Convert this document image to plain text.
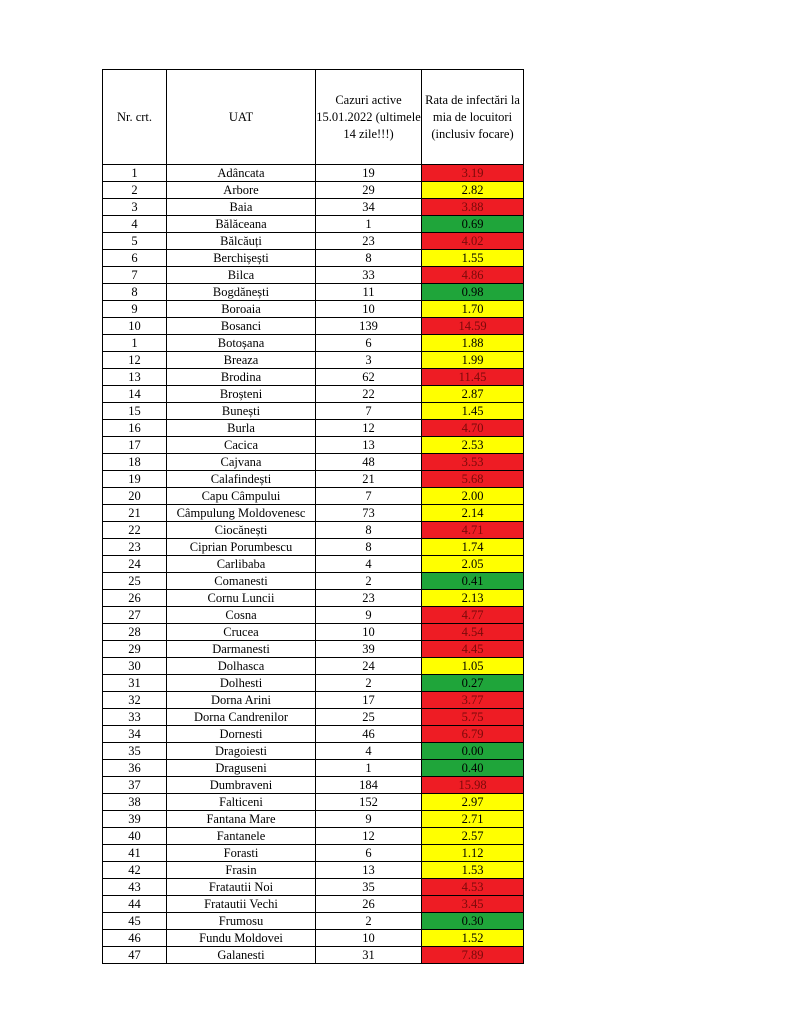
Nr. crt.	UAT	Cazuri active 15.01.2022 (ultimele 14 zile!!!)	Rata de infectări la mia de locuitori (inclusiv focare)
1	Adâncata	19	3.19
2	Arbore	29	2.82
3	Baia	34	3.88
4	Bălăceana	1	0.69
5	Bălcăuți	23	4.02
6	Berchișești	8	1.55
7	Bilca	33	4.86
8	Bogdănești	11	0.98
9	Boroaia	10	1.70
10	Bosanci	139	14.59
1	Botoșana	6	1.88
12	Breaza	3	1.99
13	Brodina	62	11.45
14	Broșteni	22	2.87
15	Bunești	7	1.45
16	Burla	12	4.70
17	Cacica	13	2.53
18	Cajvana	48	3.53
19	Calafindești	21	5.68
20	Capu Câmpului	7	2.00
21	Câmpulung Moldovenesc	73	2.14
22	Ciocănești	8	4.71
23	Ciprian Porumbescu	8	1.74
24	Carlibaba	4	2.05
25	Comanesti	2	0.41
26	Cornu Luncii	23	2.13
27	Cosna	9	4.77
28	Crucea	10	4.54
29	Darmanesti	39	4.45
30	Dolhasca	24	1.05
31	Dolhesti	2	0.27
32	Dorna Arini	17	3.77
33	Dorna Candrenilor	25	5.75
34	Dornesti	46	6.79
35	Dragoiesti	4	0.00
36	Draguseni	1	0.40
37	Dumbraveni	184	15.98
38	Falticeni	152	2.97
39	Fantana Mare	9	2.71
40	Fantanele	12	2.57
41	Forasti	6	1.12
42	Frasin	13	1.53
43	Fratautii Noi	35	4.53
44	Fratautii Vechi	26	3.45
45	Frumosu	2	0.30
46	Fundu Moldovei	10	1.52
47	Galanesti	31	7.89
